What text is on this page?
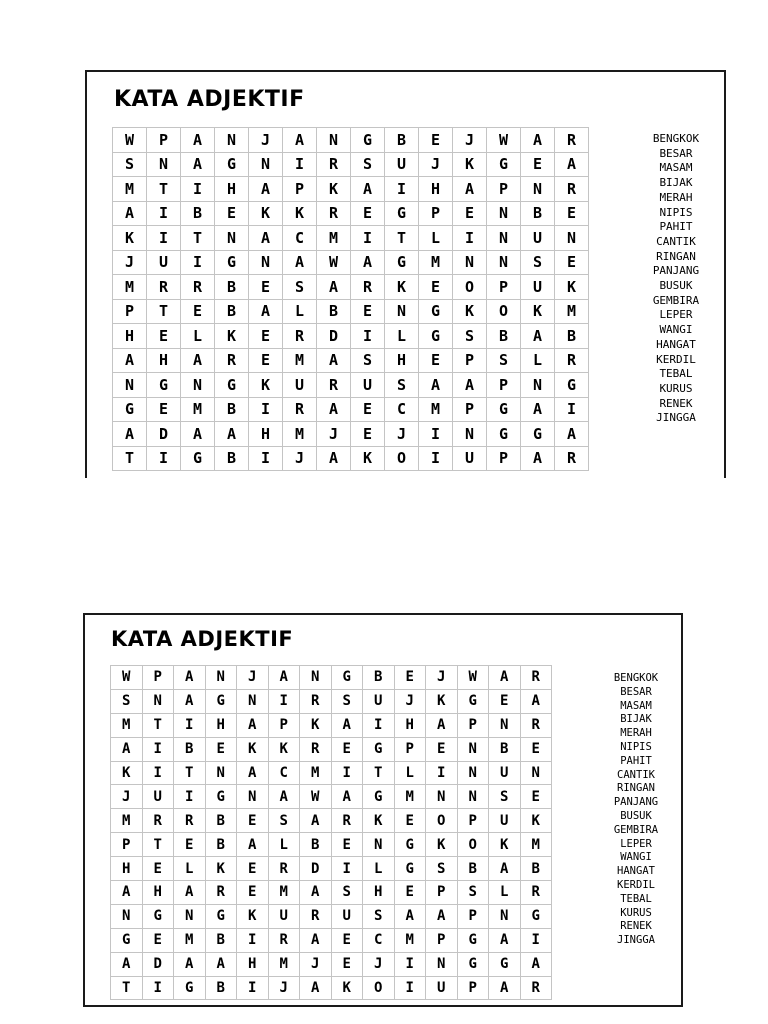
KATA ADJEKTIF
W	P	A	N	J	A	N	G	B	E	J	W	A	R
S	N	A	G	N	I	R	S	U	J	K	G	E	A
M	T	I	H	A	P	K	A	I	H	A	P	N	R
A	I	B	E	K	K	R	E	G	P	E	N	B	E
K	I	T	N	A	C	M	I	T	L	I	N	U	N
J	U	I	G	N	A	W	A	G	M	N	N	S	E
M	R	R	B	E	S	A	R	K	E	O	P	U	K
P	T	E	B	A	L	B	E	N	G	K	O	K	M
H	E	L	K	E	R	D	I	L	G	S	B	A	B
A	H	A	R	E	M	A	S	H	E	P	S	L	R
N	G	N	G	K	U	R	U	S	A	A	P	N	G
G	E	M	B	I	R	A	E	C	M	P	G	A	I
A	D	A	A	H	M	J	E	J	I	N	G	G	A
T	I	G	B	I	J	A	K	O	I	U	P	A	R
BENGKOK
BESAR
MASAM
BIJAK
MERAH
NIPIS
PAHIT
CANTIK
RINGAN
PANJANG
BUSUK
GEMBIRA
LEPER
WANGI
HANGAT
KERDIL
TEBAL
KURUS
RENEK
JINGGA
KATA ADJEKTIF
W	P	A	N	J	A	N	G	B	E	J	W	A	R
S	N	A	G	N	I	R	S	U	J	K	G	E	A
M	T	I	H	A	P	K	A	I	H	A	P	N	R
A	I	B	E	K	K	R	E	G	P	E	N	B	E
K	I	T	N	A	C	M	I	T	L	I	N	U	N
J	U	I	G	N	A	W	A	G	M	N	N	S	E
M	R	R	B	E	S	A	R	K	E	O	P	U	K
P	T	E	B	A	L	B	E	N	G	K	O	K	M
H	E	L	K	E	R	D	I	L	G	S	B	A	B
A	H	A	R	E	M	A	S	H	E	P	S	L	R
N	G	N	G	K	U	R	U	S	A	A	P	N	G
G	E	M	B	I	R	A	E	C	M	P	G	A	I
A	D	A	A	H	M	J	E	J	I	N	G	G	A
T	I	G	B	I	J	A	K	O	I	U	P	A	R
BENGKOK
BESAR
MASAM
BIJAK
MERAH
NIPIS
PAHIT
CANTIK
RINGAN
PANJANG
BUSUK
GEMBIRA
LEPER
WANGI
HANGAT
KERDIL
TEBAL
KURUS
RENEK
JINGGA
